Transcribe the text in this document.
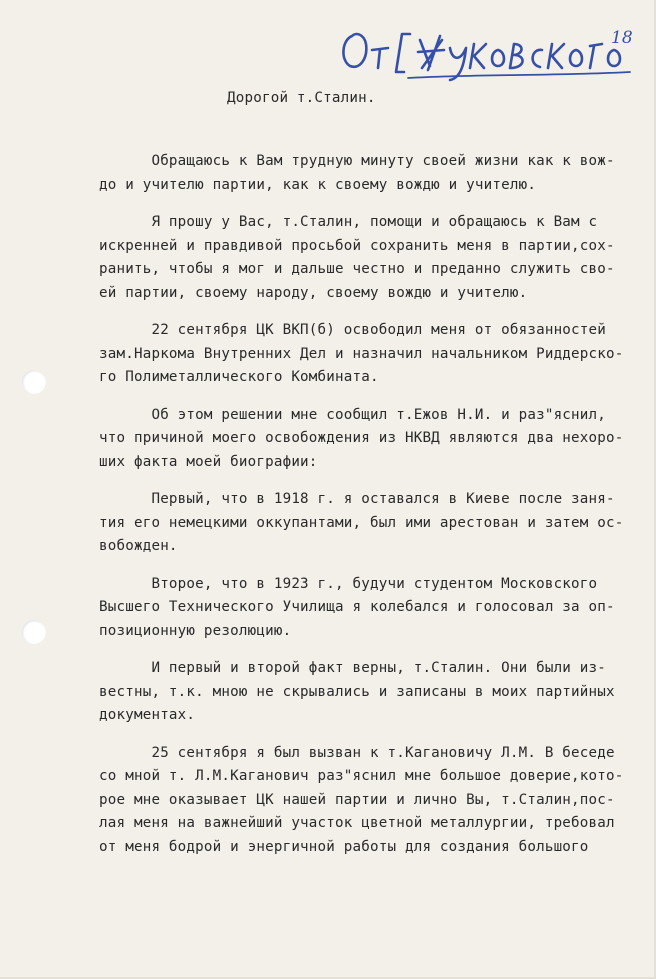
18
Дорогой т.Сталин.
Обращаюсь к Вам трудную минуту своей жизни как к вож-
до и учителю партии, как к своему вождю и учителю.
Я прошу у Вас, т.Сталин, помощи и обращаюсь к Вам с
искренней и правдивой просьбой сохранить меня в партии,сох-
ранить, чтобы я мог и дальше честно и преданно служить сво-
ей партии, своему народу, своему вождю и учителю.
22 сентября ЦК ВКП(б) освободил меня от обязанностей
зам.Наркома Внутренних Дел и назначил начальником Риддерско-
го Полиметаллического Комбината.
Об этом решении мне сообщил т.Ежов Н.И. и раз"яснил,
что причиной моего освобождения из НКВД являются два нехоро-
ших факта моей биографии:
Первый, что в 1918 г. я оставался в Киеве после заня-
тия его немецкими оккупантами, был ими арестован и затем ос-
вобожден.
Второе, что в 1923 г., будучи студентом Московского
Высшего Технического Училища я колебался и голосовал за оп-
позиционную резолюцию.
И первый и второй факт верны, т.Сталин. Они были из-
вестны, т.к. мною не скрывались и записаны в моих партийных
документах.
25 сентября я был вызван к т.Кагановичу Л.М. В беседе
со мной т. Л.М.Каганович раз"яснил мне большое доверие,кото-
рое мне оказывает ЦК нашей партии и лично Вы, т.Сталин,пос-
лая меня на важнейший участок цветной металлургии, требовал
от меня бодрой и энергичной работы для создания большого
